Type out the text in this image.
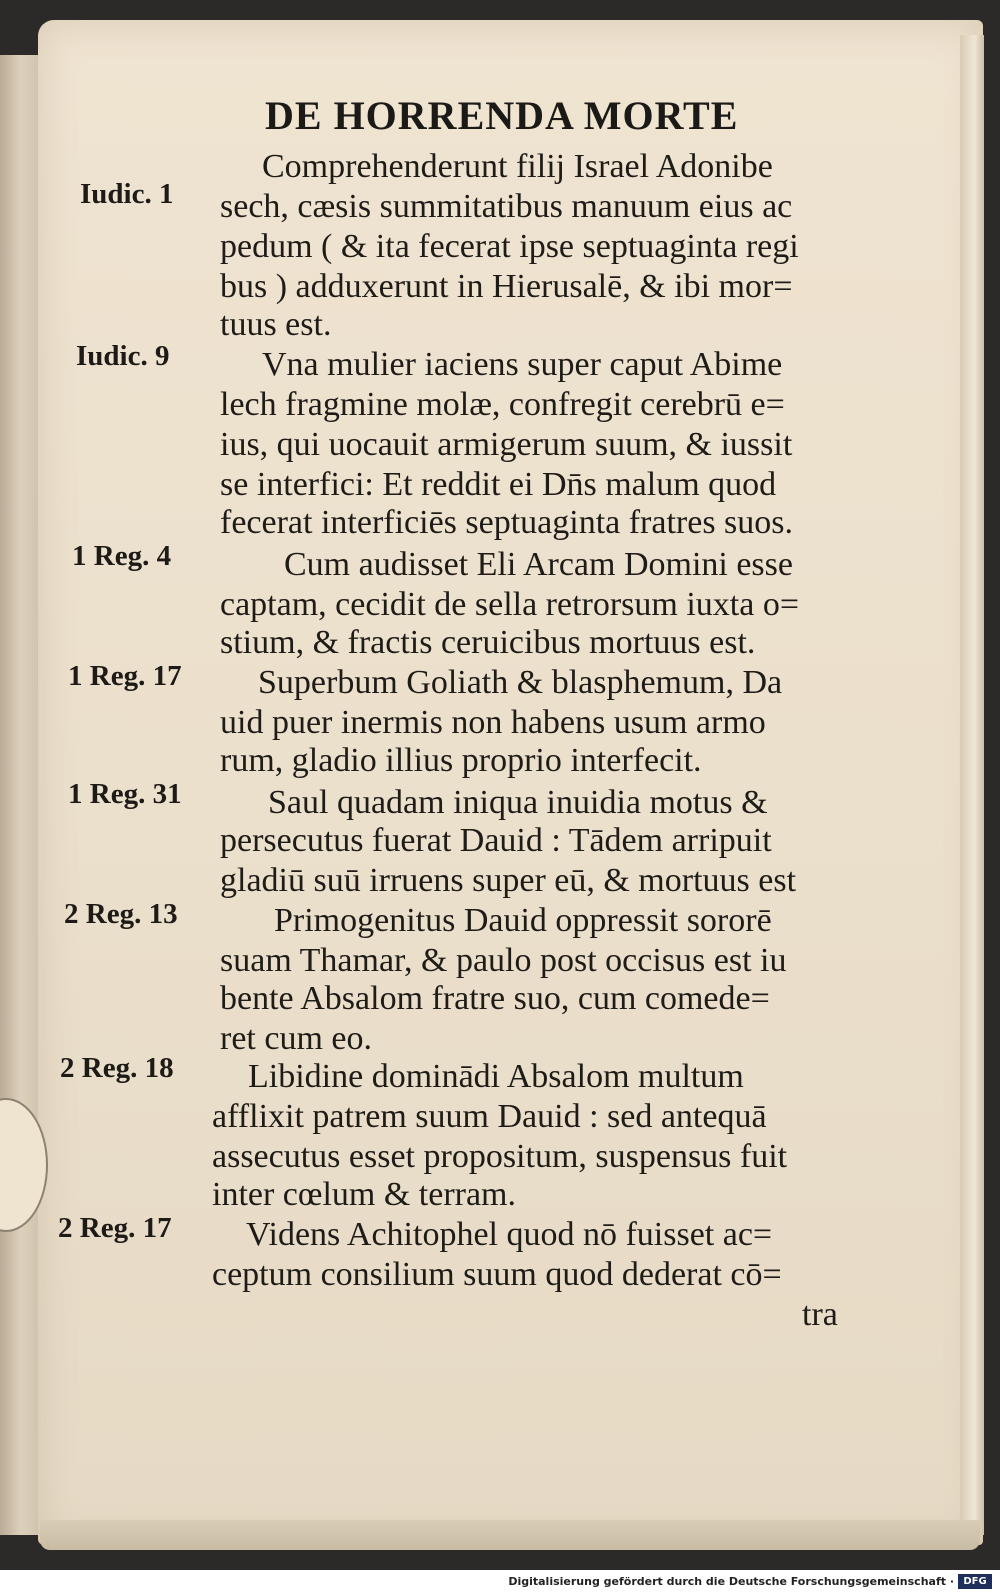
DE HORRENDA MORTE

Comprehenderunt filij Israel Adonibe

sech, cæsis summitatibus manuum eius ac

pedum ( & ita fecerat ipse septuaginta regi

bus ) adduxerunt in Hierusalē, & ibi mor=

tuus est.

Vna mulier iaciens super caput Abime

lech fragmine molæ, confregit cerebrū e=

ius, qui uocauit armigerum suum, & iussit

se interfici: Et reddit ei Dn̄s malum quod

fecerat interficiēs septuaginta fratres suos.

Cum audisset Eli Arcam Domini esse

captam, cecidit de sella retrorsum iuxta o=

stium, & fractis ceruicibus mortuus est.

Superbum Goliath & blasphemum, Da

uid puer inermis non habens usum armo

rum, gladio illius proprio interfecit.

Saul quadam iniqua inuidia motus &

persecutus fuerat Dauid : Tādem arripuit

gladiū suū irruens super eū, & mortuus est

Primogenitus Dauid oppressit sororē

suam Thamar, & paulo post occisus est iu

bente Absalom fratre suo, cum comede=

ret cum eo.

Libidine dominādi Absalom multum

afflixit patrem suum Dauid : sed antequā

assecutus esset propositum, suspensus fuit

inter cœlum & terram.

Videns Achitophel quod nō fuisset ac=

ceptum consilium suum quod dederat cō=

tra

Iudic. 1

Iudic. 9

1 Reg. 4

1 Reg. 17

1 Reg. 31

2 Reg. 13

2 Reg. 18

2 Reg. 17

Digitalisierung gefördert durch die Deutsche Forschungsgemeinschaft · DFG
